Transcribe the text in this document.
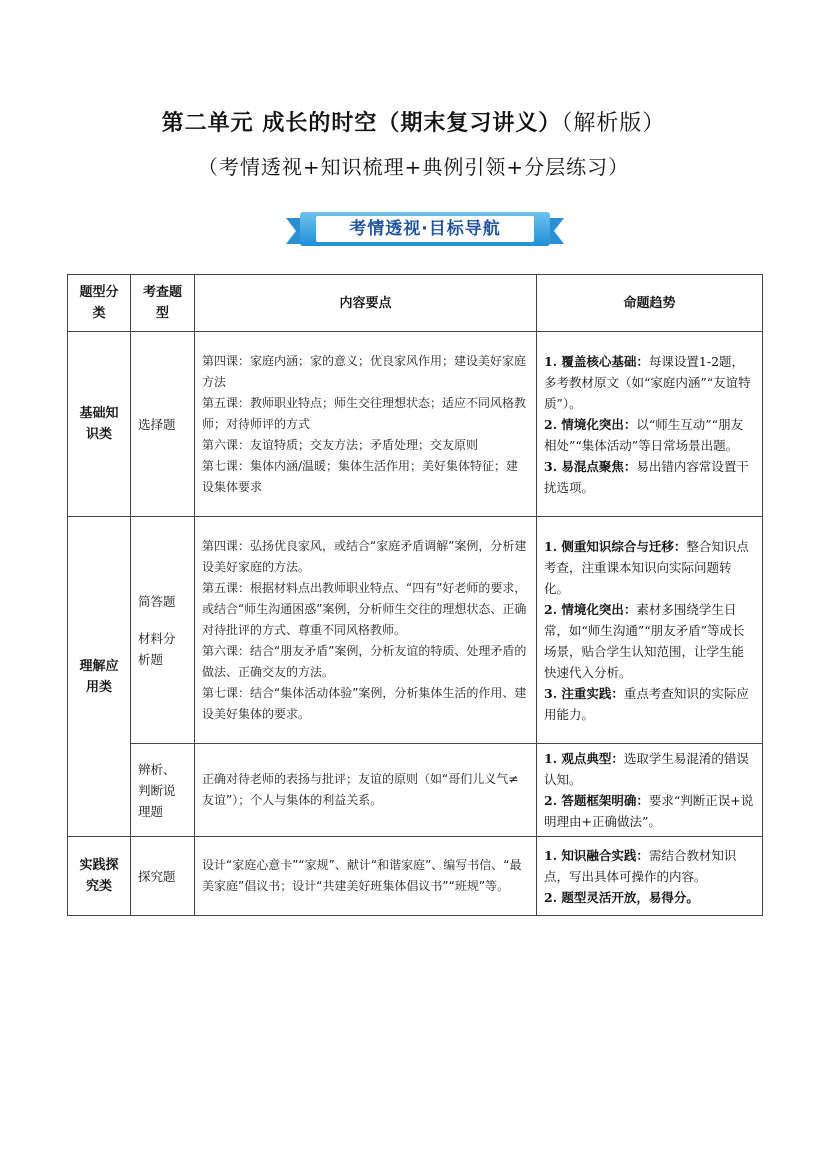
第二单元 成长的时空（期末复习讲义）（解析版）
（考情透视+知识梳理+典例引领+分层练习）
考情透视·目标导航
题型分类	考查题型	内容要点	命题趋势
基础知识类	选择题	第四课：家庭内涵；家的意义；优良家风作用；建设美好家庭方法
第五课：教师职业特点；师生交往理想状态；适应不同风格教师；对待师评的方式
第六课：友谊特质；交友方法；矛盾处理；交友原则
第七课：集体内涵/温暖；集体生活作用；美好集体特征；建设集体要求	1. 覆盖核心基础：每课设置1-2题，多考教材原文（如“家庭内涵”“友谊特质”）。
2. 情境化突出：以“师生互动”“朋友相处”“集体活动”等日常场景出题。
3. 易混点聚焦：易出错内容常设置干扰选项。

理解应用类	简答题
材料分析题	第四课：弘扬优良家风，或结合“家庭矛盾调解”案例，分析建设美好家庭的方法。
第五课：根据材料点出教师职业特点、“四有”好老师的要求，或结合“师生沟通困惑”案例，分析师生交往的理想状态、正确对待批评的方式、尊重不同风格教师。
第六课：结合“朋友矛盾”案例，分析友谊的特质、处理矛盾的做法、正确交友的方法。
第七课：结合“集体活动体验”案例，分析集体生活的作用、建设美好集体的要求。	1. 侧重知识综合与迁移：整合知识点考查，注重课本知识向实际问题转化。
2. 情境化突出：素材多围绕学生日常，如“师生沟通”“朋友矛盾”等成长场景，贴合学生认知范围，让学生能快速代入分析。
3. 注重实践：重点考查知识的实际应用能力。

	辨析、判断说理题	正确对待老师的表扬与批评；友谊的原则（如“哥们儿义气≠友谊”）；个人与集体的利益关系。	1. 观点典型：选取学生易混淆的错误认知。
2. 答题框架明确：要求“判断正误+说明理由+正确做法”。

实践探究类	探究题	设计“家庭心意卡”“家规”、献计“和谐家庭”、编写书信、“最美家庭”倡议书；设计“共建美好班集体倡议书”“班规”等。	1. 知识融合实践：需结合教材知识点，写出具体可操作的内容。
2. 题型灵活开放，易得分。
